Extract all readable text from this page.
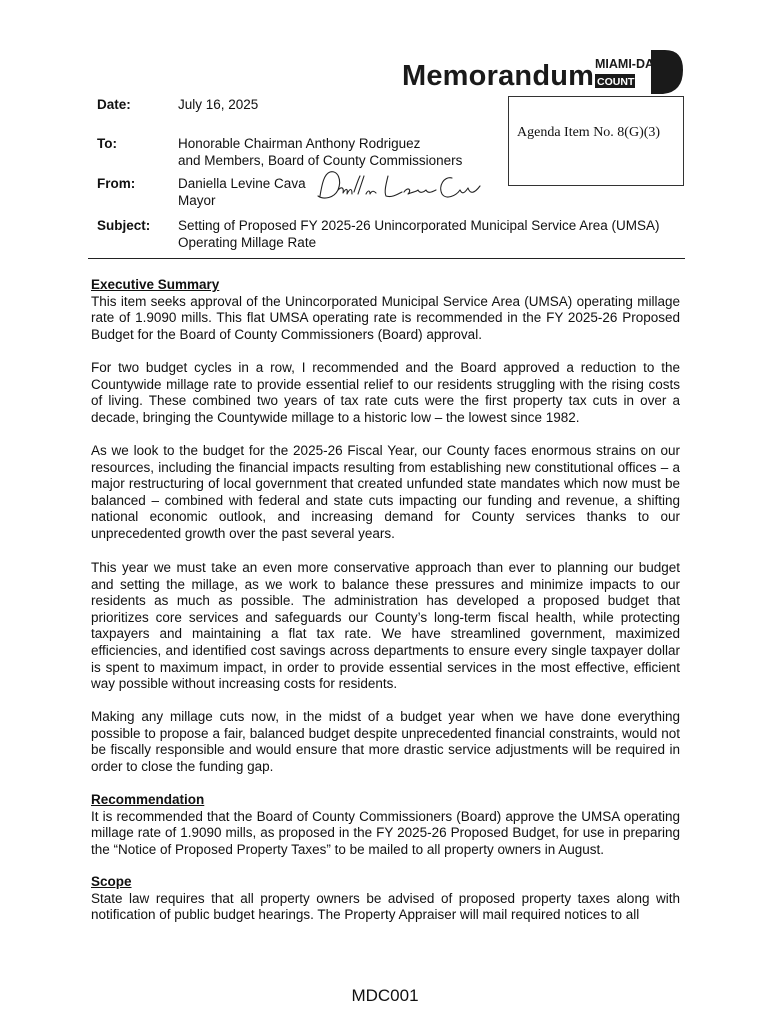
Memorandum MIAMI-DADE
COUNTY
Agenda Item No. 8(G)(3)
Date:	July 16, 2025
To:	Honorable Chairman Anthony Rodriguez
and Members, Board of County Commissioners
From:	Daniella Levine Cava
Mayor
Subject: Setting of Proposed FY 2025-26 Unincorporated Municipal Service Area (UMSA)
Operating Millage Rate
Executive Summary

This item seeks approval of the Unincorporated Municipal Service Area (UMSA) operating millage rate of 1.9090 mills. This flat UMSA operating rate is recommended in the FY 2025-26 Proposed Budget for the Board of County Commissioners (Board) approval.

For two budget cycles in a row, I recommended and the Board approved a reduction to the Countywide millage rate to provide essential relief to our residents struggling with the rising costs of living. These combined two years of tax rate cuts were the first property tax cuts in over a decade, bringing the Countywide millage to a historic low – the lowest since 1982.
As we look to the budget for the 2025-26 Fiscal Year, our County faces enormous strains on our resources, including the financial impacts resulting from establishing new constitutional offices – a major restructuring of local government that created unfunded state mandates which now must be balanced – combined with federal and state cuts impacting our funding and revenue, a shifting national economic outlook, and increasing demand for County services thanks to our unprecedented growth over the past several years.
This year we must take an even more conservative approach than ever to planning our budget and setting the millage, as we work to balance these pressures and minimize impacts to our residents as much as possible. The administration has developed a proposed budget that prioritizes core services and safeguards our County’s long-term fiscal health, while protecting taxpayers and maintaining a flat tax rate. We have streamlined government, maximized efficiencies, and identified cost savings across departments to ensure every single taxpayer dollar is spent to maximum impact, in order to provide essential services in the most effective, efficient way possible without increasing costs for residents.
Making any millage cuts now, in the midst of a budget year when we have done everything possible to propose a fair, balanced budget despite unprecedented financial constraints, would not be fiscally responsible and would ensure that more drastic service adjustments will be required in order to close the funding gap.
Recommendation

It is recommended that the Board of County Commissioners (Board) approve the UMSA operating millage rate of 1.9090 mills, as proposed in the FY 2025-26 Proposed Budget, for use in preparing the “Notice of Proposed Property Taxes” to be mailed to all property owners in August.

Scope

State law requires that all property owners be advised of proposed property taxes along with notification of public budget hearings. The Property Appraiser will mail required notices to all

MDC001
